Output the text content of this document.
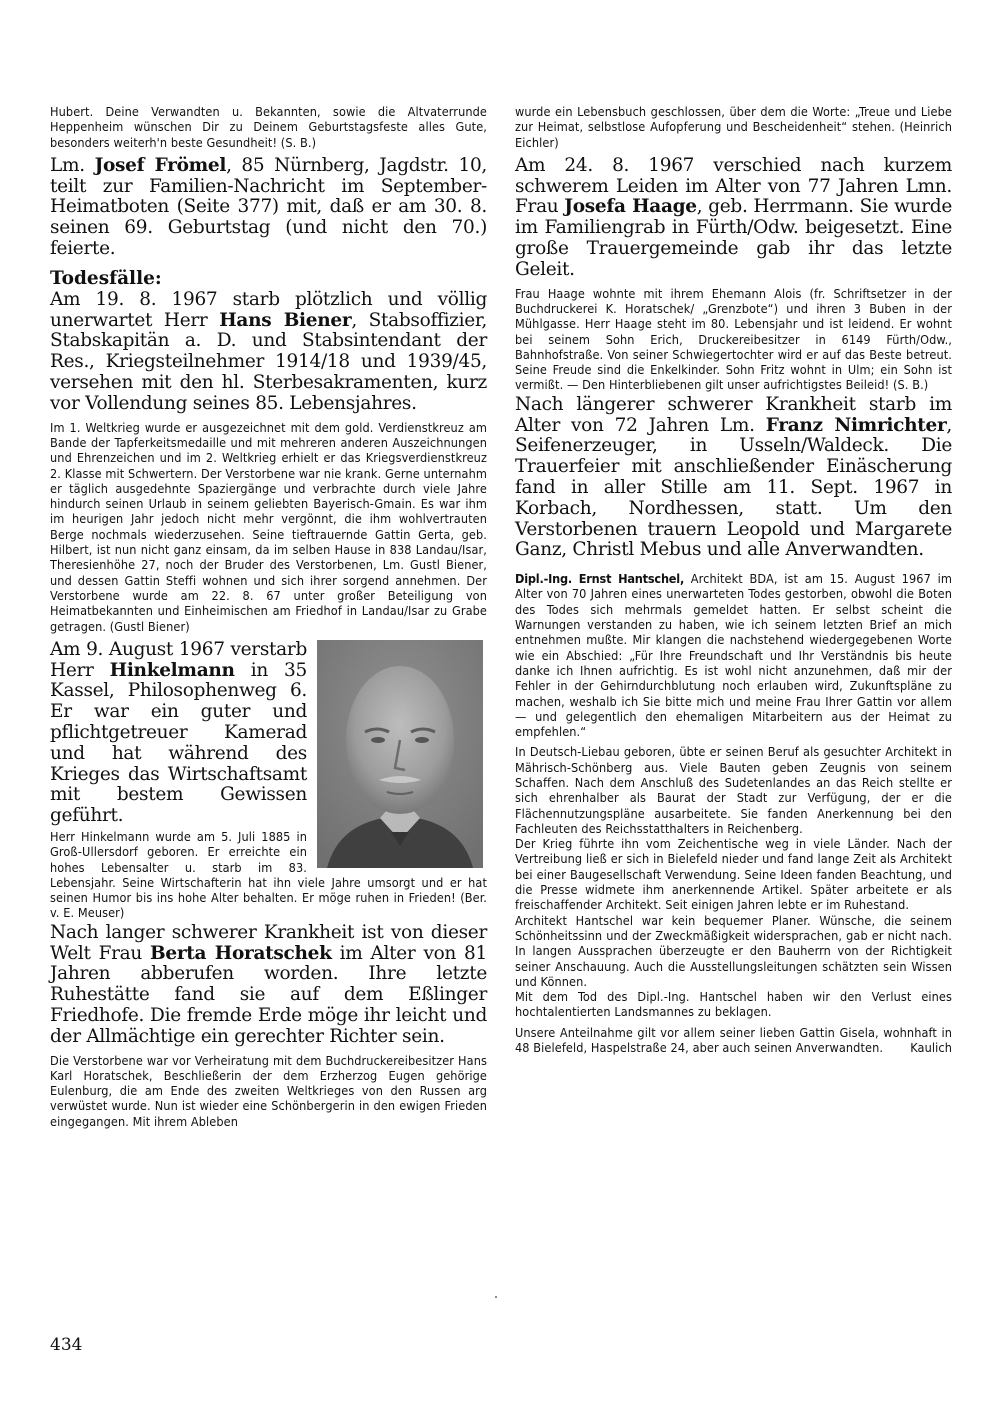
Hubert. Deine Verwandten u. Bekannten, sowie die Altvaterrunde Heppenheim wünschen Dir zu Deinem Geburtstagsfeste alles Gute, besonders weiterh'n beste Gesundheit! (S. B.)

Lm. Josef Frömel, 85 Nürnberg, Jagdstr. 10, teilt zur Familien-Nachricht im September-Heimatboten (Seite 377) mit, daß er am 30. 8. seinen 69. Geburtstag (und nicht den 70.) feierte.

Todesfälle:

Am 19. 8. 1967 starb plötzlich und völlig unerwartet Herr Hans Biener, Stabsoffizier, Stabskapitän a. D. und Stabsintendant der Res., Kriegsteilnehmer 1914/18 und 1939/45, versehen mit den hl. Sterbesakramenten, kurz vor Vollendung seines 85. Lebensjahres.

Im 1. Weltkrieg wurde er ausgezeichnet mit dem gold. Verdienstkreuz am Bande der Tapferkeitsmedaille und mit mehreren anderen Auszeichnungen und Ehrenzeichen und im 2. Weltkrieg erhielt er das Kriegsverdienstkreuz 2. Klasse mit Schwertern. Der Verstorbene war nie krank. Gerne unternahm er täglich ausgedehnte Spaziergänge und verbrachte durch viele Jahre hindurch seinen Urlaub in seinem geliebten Bayerisch-Gmain. Es war ihm im heurigen Jahr jedoch nicht mehr vergönnt, die ihm wohlvertrauten Berge nochmals wiederzusehen. Seine tieftrauernde Gattin Gerta, geb. Hilbert, ist nun nicht ganz einsam, da im selben Hause in 838 Landau/Isar, Theresienhöhe 27, noch der Bruder des Verstorbenen, Lm. Gustl Biener, und dessen Gattin Steffi wohnen und sich ihrer sorgend annehmen. Der Verstorbene wurde am 22. 8. 67 unter großer Beteiligung von Heimatbekannten und Einheimischen am Friedhof in Landau/Isar zu Grabe getragen. (Gustl Biener)

Am 9. August 1967 verstarb Herr Hinkelmann in 35 Kassel, Philosophenweg 6. Er war ein guter und pflichtgetreuer Kamerad und hat während des Krieges das Wirtschaftsamt mit bestem Gewissen geführt.

Herr Hinkelmann wurde am 5. Juli 1885 in Groß-Ullersdorf geboren. Er erreichte ein hohes Lebensalter u. starb im 83. Lebensjahr. Seine Wirtschafterin hat ihn viele Jahre umsorgt und er hat seinen Humor bis ins hohe Alter behalten. Er möge ruhen in Frieden! (Ber. v. E. Meuser)

Nach langer schwerer Krankheit ist von dieser Welt Frau Berta Horatschek im Alter von 81 Jahren abberufen worden. Ihre letzte Ruhestätte fand sie auf dem Eßlinger Friedhofe. Die fremde Erde möge ihr leicht und der Allmächtige ein gerechter Richter sein.

Die Verstorbene war vor Verheiratung mit dem Buchdruckereibesitzer Hans Karl Horatschek, Beschließerin der dem Erzherzog Eugen gehörige Eulenburg, die am Ende des zweiten Weltkrieges von den Russen arg verwüstet wurde. Nun ist wieder eine Schönbergerin in den ewigen Frieden eingegangen. Mit ihrem Ableben

wurde ein Lebensbuch geschlossen, über dem die Worte: „Treue und Liebe zur Heimat, selbstlose Aufopferung und Bescheidenheit“ stehen. (Heinrich Eichler)

Am 24. 8. 1967 verschied nach kurzem schwerem Leiden im Alter von 77 Jahren Lmn. Frau Josefa Haage, geb. Herrmann. Sie wurde im Familiengrab in Fürth/Odw. beigesetzt. Eine große Trauergemeinde gab ihr das letzte Geleit.

Frau Haage wohnte mit ihrem Ehemann Alois (fr. Schriftsetzer in der Buchdruckerei K. Horatschek/ „Grenzbote“) und ihren 3 Buben in der Mühlgasse. Herr Haage steht im 80. Lebensjahr und ist leidend. Er wohnt bei seinem Sohn Erich, Druckereibesitzer in 6149 Fürth/Odw., Bahnhofstraße. Von seiner Schwiegertochter wird er auf das Beste betreut. Seine Freude sind die Enkelkinder. Sohn Fritz wohnt in Ulm; ein Sohn ist vermißt. — Den Hinterbliebenen gilt unser aufrichtigstes Beileid! (S. B.)

Nach längerer schwerer Krankheit starb im Alter von 72 Jahren Lm. Franz Nimrichter, Seifenerzeuger, in Usseln/Waldeck. Die Trauerfeier mit anschließender Einäscherung fand in aller Stille am 11. Sept. 1967 in Korbach, Nordhessen, statt. Um den Verstorbenen trauern Leopold und Margarete Ganz, Christl Mebus und alle Anverwandten.

Dipl.-Ing. Ernst Hantschel, Architekt BDA, ist am 15. August 1967 im Alter von 70 Jahren eines unerwarteten Todes gestorben, obwohl die Boten des Todes sich mehrmals gemeldet hatten. Er selbst scheint die Warnungen verstanden zu haben, wie ich seinem letzten Brief an mich entnehmen mußte. Mir klangen die nachstehend wiedergegebenen Worte wie ein Abschied: „Für Ihre Freundschaft und Ihr Verständnis bis heute danke ich Ihnen aufrichtig. Es ist wohl nicht anzunehmen, daß mir der Fehler in der Gehirndurchblutung noch erlauben wird, Zukunftspläne zu machen, weshalb ich Sie bitte mich und meine Frau Ihrer Gattin vor allem — und gelegentlich den ehemaligen Mitarbeitern aus der Heimat zu empfehlen.“

In Deutsch-Liebau geboren, übte er seinen Beruf als gesuchter Architekt in Mährisch-Schönberg aus. Viele Bauten geben Zeugnis von seinem Schaffen. Nach dem Anschluß des Sudetenlandes an das Reich stellte er sich ehrenhalber als Baurat der Stadt zur Verfügung, der er die Flächennutzungspläne ausarbeitete. Sie fanden Anerkennung bei den Fachleuten des Reichsstatthalters in Reichenberg.

Der Krieg führte ihn vom Zeichentische weg in viele Länder. Nach der Vertreibung ließ er sich in Bielefeld nieder und fand lange Zeit als Architekt bei einer Baugesellschaft Verwendung. Seine Ideen fanden Beachtung, und die Presse widmete ihm anerkennende Artikel. Später arbeitete er als freischaffender Architekt. Seit einigen Jahren lebte er im Ruhestand.

Architekt Hantschel war kein bequemer Planer. Wünsche, die seinem Schönheitssinn und der Zweckmäßigkeit widersprachen, gab er nicht nach. In langen Aussprachen überzeugte er den Bauherrn von der Richtigkeit seiner Anschauung. Auch die Ausstellungsleitungen schätzten sein Wissen und Können.

Mit dem Tod des Dipl.-Ing. Hantschel haben wir den Verlust eines hochtalentierten Landsmannes zu beklagen.

Unsere Anteilnahme gilt vor allem seiner lieben Gattin Gisela, wohnhaft in 48 Bielefeld, Haspelstraße 24, aber auch seinen Anverwandten. Kaulich

434
